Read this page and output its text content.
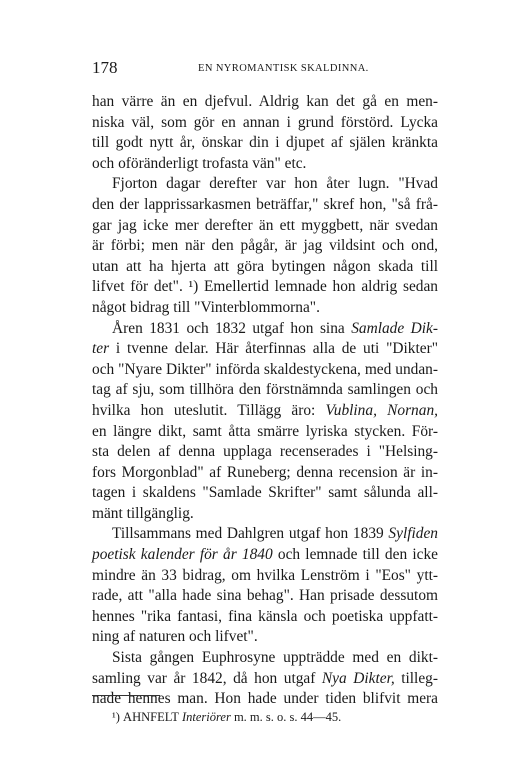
178	EN NYROMANTISK SKALDINNA.
han värre än en djefvul. Aldrig kan det gå en men-
niska väl, som gör en annan i grund förstörd. Lycka
till godt nytt år, önskar din i djupet af själen kränkta
och oföränderligt trofasta vän" etc.
Fjorton dagar derefter var hon åter lugn. "Hvad
den der lapprissarkasmen beträffar," skref hon, "så frå-
gar jag icke mer derefter än ett myggbett, när svedan
är förbi; men när den pågår, är jag vildsint och ond,
utan att ha hjerta att göra bytingen någon skada till
lifvet för det". ¹) Emellertid lemnade hon aldrig sedan
något bidrag till "Vinterblommorna".
Åren 1831 och 1832 utgaf hon sina Samlade Dik-
ter i tvenne delar. Här återfinnas alla de uti "Dikter"
och "Nyare Dikter" införda skaldestyckena, med undan-
tag af sju, som tillhöra den förstnämnda samlingen och
hvilka hon uteslutit. Tillägg äro: Vublina, Nornan,
en längre dikt, samt åtta smärre lyriska stycken. För-
sta delen af denna upplaga recenserades i "Helsing-
fors Morgonblad" af Runeberg; denna recension är in-
tagen i skaldens "Samlade Skrifter" samt sålunda all-
mänt tillgänglig.
Tillsammans med Dahlgren utgaf hon 1839 Sylfiden
poetisk kalender för år 1840 och lemnade till den icke
mindre än 33 bidrag, om hvilka Lenström i "Eos" ytt-
rade, att "alla hade sina behag". Han prisade dessutom
hennes "rika fantasi, fina känsla och poetiska uppfatt-
ning af naturen och lifvet".
Sista gången Euphrosyne uppträdde med en dikt-
samling var år 1842, då hon utgaf Nya Dikter, tilleg-
nade hennes man. Hon hade under tiden blifvit mera
¹) AHNFELT Interiörer m. m. s. o. s. 44—45.
